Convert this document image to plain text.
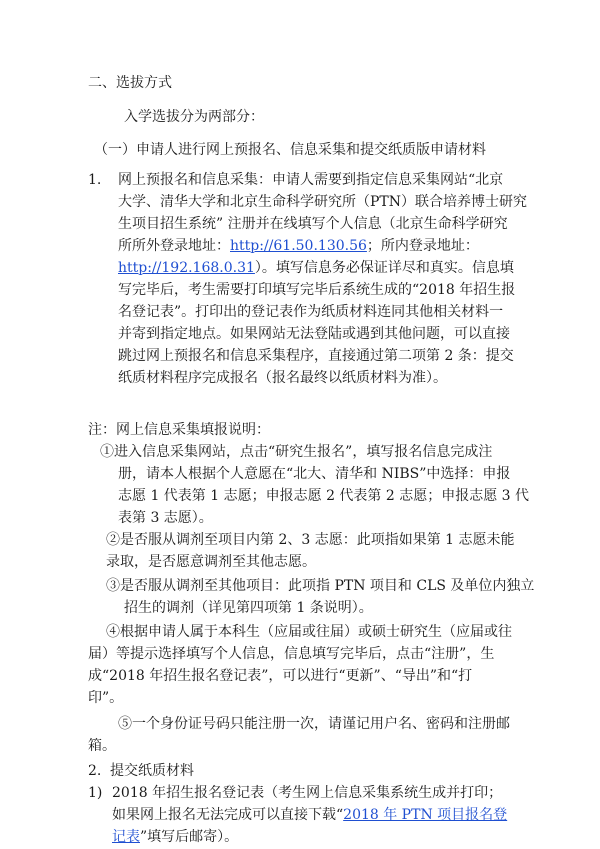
二、选拔方式
入学选拔分为两部分：
（一）申请人进行网上预报名、信息采集和提交纸质版申请材料
1. 网上预报名和信息采集：申请人需要到指定信息采集网站“北京
大学、清华大学和北京生命科学研究所（PTN）联合培养博士研究
生项目招生系统” 注册并在线填写个人信息（北京生命科学研究
所所外登录地址：http://61.50.130.56；所内登录地址：
http://192.168.0.31）。填写信息务必保证详尽和真实。信息填
写完毕后，考生需要打印填写完毕后系统生成的“2018 年招生报
名登记表”。打印出的登记表作为纸质材料连同其他相关材料一
并寄到指定地点。如果网站无法登陆或遇到其他问题，可以直接
跳过网上预报名和信息采集程序，直接通过第二项第 2 条：提交
纸质材料程序完成报名（报名最终以纸质材料为准）。
注：网上信息采集填报说明：
①进入信息采集网站，点击“研究生报名”，填写报名信息完成注
册，请本人根据个人意愿在“北大、清华和 NIBS”中选择：申报
志愿 1 代表第 1 志愿；申报志愿 2 代表第 2 志愿；申报志愿 3 代
表第 3 志愿）。
②是否服从调剂至项目内第 2、3 志愿：此项指如果第 1 志愿未能
录取，是否愿意调剂至其他志愿。
③是否服从调剂至其他项目：此项指 PTN 项目和 CLS 及单位内独立
招生的调剂（详见第四项第 1 条说明）。
④根据申请人属于本科生（应届或往届）或硕士研究生（应届或往
届）等提示选择填写个人信息，信息填写完毕后，点击“注册”，生
成“2018 年招生报名登记表”，可以进行“更新”、“导出”和“打
印”。
⑤一个身份证号码只能注册一次，请谨记用户名、密码和注册邮
箱。
2. 提交纸质材料
1) 2018 年招生报名登记表（考生网上信息采集系统生成并打印；
如果网上报名无法完成可以直接下载“2018 年 PTN 项目报名登
记表”填写后邮寄）。
